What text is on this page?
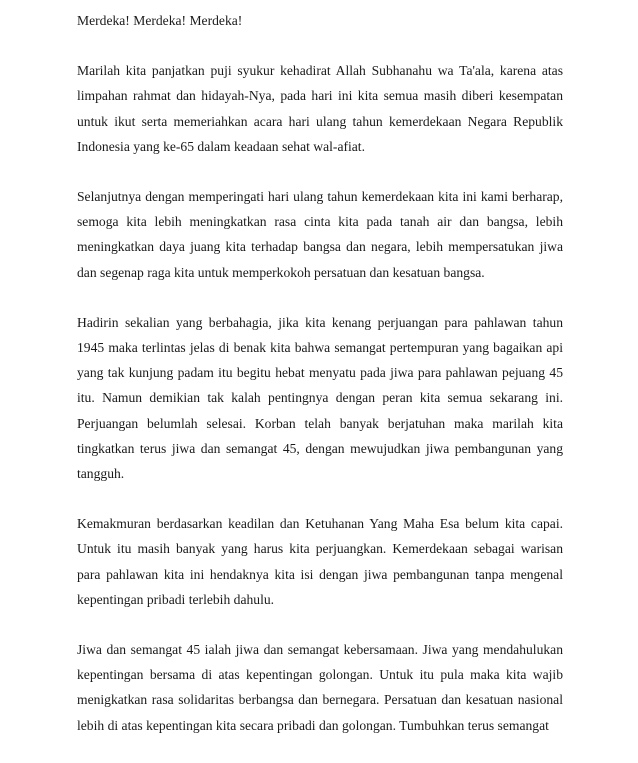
Merdeka! Merdeka! Merdeka!

Marilah kita panjatkan puji syukur kehadirat Allah Subhanahu wa Ta'ala, karena atas limpahan rahmat dan hidayah-Nya, pada hari ini kita semua masih diberi kesempatan untuk ikut serta memeriahkan acara hari ulang tahun kemerdekaan Negara Republik Indonesia yang ke-65 dalam keadaan sehat wal-afiat.

Selanjutnya dengan memperingati hari ulang tahun kemerdekaan kita ini kami berharap, semoga kita lebih meningkatkan rasa cinta kita pada tanah air dan bangsa, lebih meningkatkan daya juang kita terhadap bangsa dan negara, lebih mempersatukan jiwa dan segenap raga kita untuk memperkokoh persatuan dan kesatuan bangsa.

Hadirin sekalian yang berbahagia, jika kita kenang perjuangan para pahlawan tahun 1945 maka terlintas jelas di benak kita bahwa semangat pertempuran yang bagaikan api yang tak kunjung padam itu begitu hebat menyatu pada jiwa para pahlawan pejuang 45 itu. Namun demikian tak kalah pentingnya dengan peran kita semua sekarang ini. Perjuangan belumlah selesai. Korban telah banyak berjatuhan maka marilah kita tingkatkan terus jiwa dan semangat 45, dengan mewujudkan jiwa pembangunan yang tangguh.

Kemakmuran berdasarkan keadilan dan Ketuhanan Yang Maha Esa belum kita capai. Untuk itu masih banyak yang harus kita perjuangkan. Kemerdekaan sebagai warisan para pahlawan kita ini hendaknya kita isi dengan jiwa pembangunan tanpa mengenal kepentingan pribadi terlebih dahulu.

Jiwa dan semangat 45 ialah jiwa dan semangat kebersamaan. Jiwa yang mendahulukan kepentingan bersama di atas kepentingan golongan. Untuk itu pula maka kita wajib menigkatkan rasa solidaritas berbangsa dan bernegara. Persatuan dan kesatuan nasional lebih di atas kepentingan kita secara pribadi dan golongan. Tumbuhkan terus semangat
